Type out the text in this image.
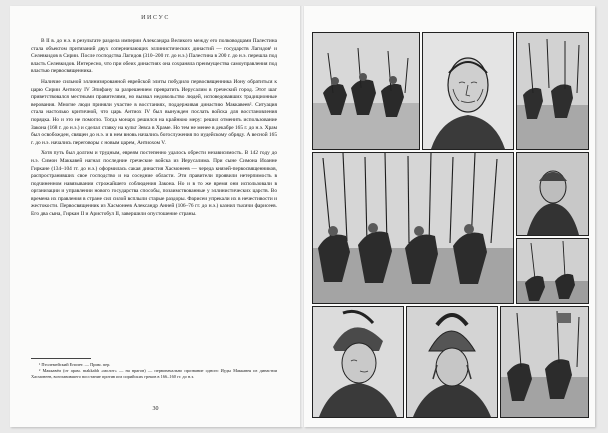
ИИСУС

В II в. до н.э. в результате раздела империи Александра Великого между его полководцами Палестина стала объектом притязаний двух соперничающих эллинистических династий — государств Лагидов¹ и Селевкидов в Сирии. После господства Лагидов (310–200 гг. до н.э.) Палестина в 200 г. до н.э. перешла под власть Селевкидов. Интересно, что при обеих династиях она сохраняла преимущества самоуправления под властью первосвященника.

Наличие сильной эллинизированной еврейской элиты побудило первосвященника Иону обратиться к царю Сирии Антиоху IV Эпифану за разрешением превратить Иерусалим в греческий город. Этот шаг приветствовался местными правителями, но вызвал недовольство людей, исповедовавших традиционные верования. Многие люди приняли участие в восстаниях, поддерживая династию Маккавеев². Ситуация стала настолько критичной, что царь Антиох IV был вынужден послать войска для восстановления порядка. Но и это не помогло. Тогда монарх решился на крайнюю меру: решил отменить использование Закона (168 г. до н.э.) и сделал ставку на культ Зевса в Храме. Но тем не менее в декабре 165 г. до н.э. Храм был освобожден, священ до н.э. и в нем вновь начались богослужения по иудейскому обряду. А весной 165 г. до н.э. начались переговоры с новым царем, Антиохом V.

Хотя путь был долгим и трудным, евреям постепенно удалось обрести независимость. В 142 году до н.э. Симон Маккавей нагнал последние греческие войска из Иерусалима. При сыне Симона Иоанне Гиркане (134–104 гг. до н.э.) оформилась сакая династия Хасмонеев — череда князей-первосвященников, распространивших свое господство и на соседние области. Эти правители проявили нетерпимость в подчиненном навязывании строжайшего соблюдения Закона. Но и в то же время они использовали в организации и управлении нового государства способы, позаимствованные у эллинистических царств. Во времена их правления в стране сил силой всплыли старые раздоры. Фарисеи упрекали их в нечестивости и жестокости. Первосвященник из Хасмонеев Александр Анней (106–76 гг. до н.э.) казнил тысячи фарисеев. Его два сына, Гиркан II и Аристобул II, завершили опустошение страны.

¹ Птолемейский Египет. — Прим. пер.

² Маккавéи (от арам. makkabh «молот» — на врагов) — первоначально прозвание одного Иуды Маккавея из династии Хасмонеев, возглавившего восстание против ига сирийских греков в 166–160 гг. до н.э.

30
